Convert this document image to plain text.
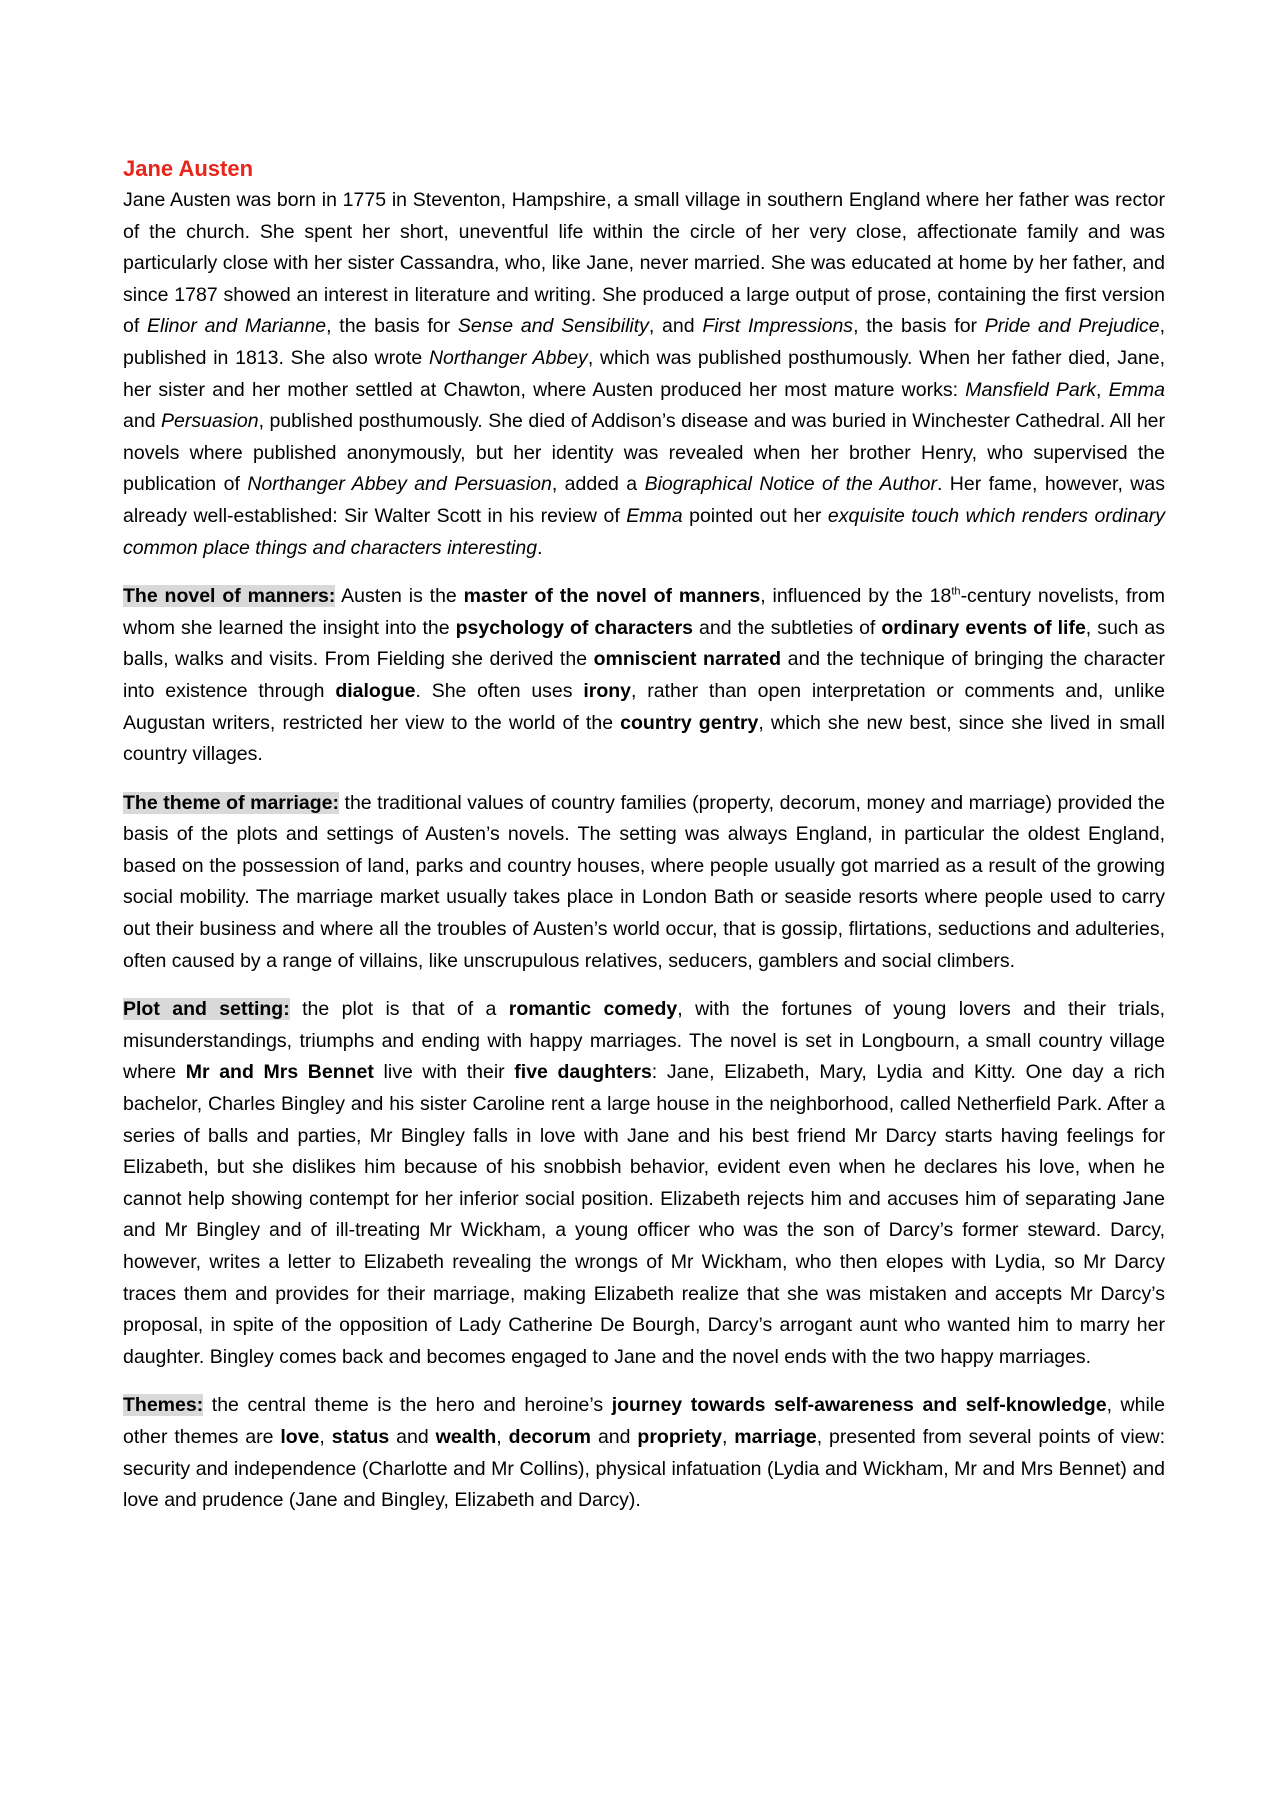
Jane Austen

Jane Austen was born in 1775 in Steventon, Hampshire, a small village in southern England where her father was rector of the church. She spent her short, uneventful life within the circle of her very close, affectionate family and was particularly close with her sister Cassandra, who, like Jane, never married. She was educated at home by her father, and since 1787 showed an interest in literature and writing. She produced a large output of prose, containing the first version of Elinor and Marianne, the basis for Sense and Sensibility, and First Impressions, the basis for Pride and Prejudice, published in 1813. She also wrote Northanger Abbey, which was published posthumously. When her father died, Jane, her sister and her mother settled at Chawton, where Austen produced her most mature works: Mansfield Park, Emma and Persuasion, published posthumously. She died of Addison’s disease and was buried in Winchester Cathedral. All her novels where published anonymously, but her identity was revealed when her brother Henry, who supervised the publication of Northanger Abbey and Persuasion, added a Biographical Notice of the Author. Her fame, however, was already well-established: Sir Walter Scott in his review of Emma pointed out her exquisite touch which renders ordinary common place things and characters interesting.

The novel of manners: Austen is the master of the novel of manners, influenced by the 18th-century novelists, from whom she learned the insight into the psychology of characters and the subtleties of ordinary events of life, such as balls, walks and visits. From Fielding she derived the omniscient narrated and the technique of bringing the character into existence through dialogue. She often uses irony, rather than open interpretation or comments and, unlike Augustan writers, restricted her view to the world of the country gentry, which she new best, since she lived in small country villages.

The theme of marriage: the traditional values of country families (property, decorum, money and marriage) provided the basis of the plots and settings of Austen’s novels. The setting was always England, in particular the oldest England, based on the possession of land, parks and country houses, where people usually got married as a result of the growing social mobility. The marriage market usually takes place in London Bath or seaside resorts where people used to carry out their business and where all the troubles of Austen’s world occur, that is gossip, flirtations, seductions and adulteries, often caused by a range of villains, like unscrupulous relatives, seducers, gamblers and social climbers.

Plot and setting: the plot is that of a romantic comedy, with the fortunes of young lovers and their trials, misunderstandings, triumphs and ending with happy marriages. The novel is set in Longbourn, a small country village where Mr and Mrs Bennet live with their five daughters: Jane, Elizabeth, Mary, Lydia and Kitty. One day a rich bachelor, Charles Bingley and his sister Caroline rent a large house in the neighborhood, called Netherfield Park. After a series of balls and parties, Mr Bingley falls in love with Jane and his best friend Mr Darcy starts having feelings for Elizabeth, but she dislikes him because of his snobbish behavior, evident even when he declares his love, when he cannot help showing contempt for her inferior social position. Elizabeth rejects him and accuses him of separating Jane and Mr Bingley and of ill-treating Mr Wickham, a young officer who was the son of Darcy’s former steward. Darcy, however, writes a letter to Elizabeth revealing the wrongs of Mr Wickham, who then elopes with Lydia, so Mr Darcy traces them and provides for their marriage, making Elizabeth realize that she was mistaken and accepts Mr Darcy’s proposal, in spite of the opposition of Lady Catherine De Bourgh, Darcy’s arrogant aunt who wanted him to marry her daughter. Bingley comes back and becomes engaged to Jane and the novel ends with the two happy marriages.

Themes: the central theme is the hero and heroine’s journey towards self-awareness and self-knowledge, while other themes are love, status and wealth, decorum and propriety, marriage, presented from several points of view: security and independence (Charlotte and Mr Collins), physical infatuation (Lydia and Wickham, Mr and Mrs Bennet) and love and prudence (Jane and Bingley, Elizabeth and Darcy).
